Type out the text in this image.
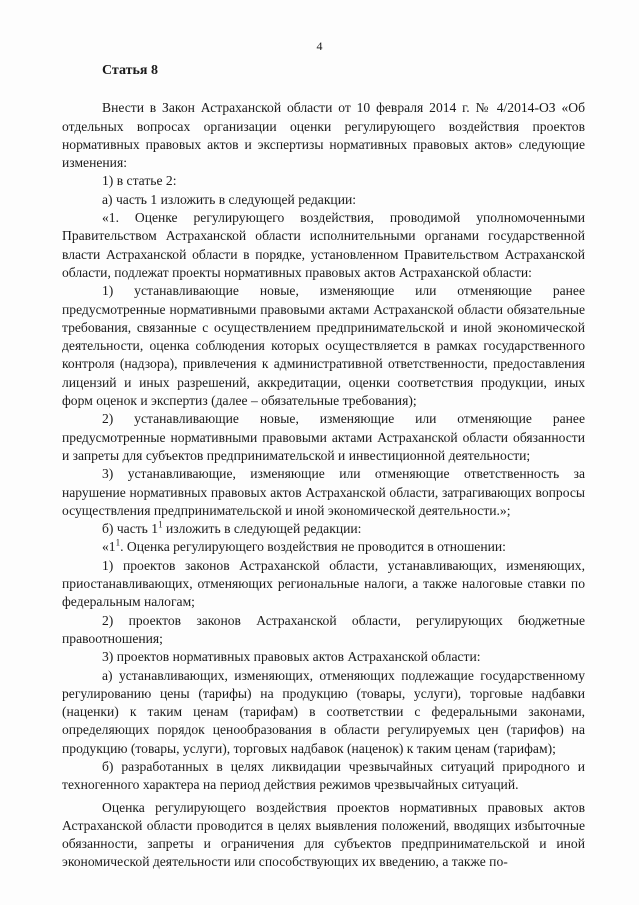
4

Статья 8

Внести в Закон Астраханской области от 10 февраля 2014 г. № 4/2014-ОЗ «Об отдельных вопросах организации оценки регулирующего воздействия проектов нормативных правовых актов и экспертизы нормативных правовых актов» следующие изменения:

1) в статье 2:

а) часть 1 изложить в следующей редакции:

«1. Оценке регулирующего воздействия, проводимой уполномоченными Правительством Астраханской области исполнительными органами государственной власти Астраханской области в порядке, установленном Правительством Астраханской области, подлежат проекты нормативных правовых актов Астраханской области:

1) устанавливающие новые, изменяющие или отменяющие ранее предусмотренные нормативными правовыми актами Астраханской области обязательные требования, связанные с осуществлением предпринимательской и иной экономической деятельности, оценка соблюдения которых осуществляется в рамках государственного контроля (надзора), привлечения к административной ответственности, предоставления лицензий и иных разрешений, аккредитации, оценки соответствия продукции, иных форм оценок и экспертиз (далее – обязательные требования);

2) устанавливающие новые, изменяющие или отменяющие ранее предусмотренные нормативными правовыми актами Астраханской области обязанности и запреты для субъектов предпринимательской и инвестиционной деятельности;

3) устанавливающие, изменяющие или отменяющие ответственность за нарушение нормативных правовых актов Астраханской области, затрагивающих вопросы осуществления предпринимательской и иной экономической деятельности.»;

б) часть $1^1$ изложить в следующей редакции:

«$1^1$. Оценка регулирующего воздействия не проводится в отношении:

1) проектов законов Астраханской области, устанавливающих, изменяющих, приостанавливающих, отменяющих региональные налоги, а также налоговые ставки по федеральным налогам;

2) проектов законов Астраханской области, регулирующих бюджетные правоотношения;

3) проектов нормативных правовых актов Астраханской области:

а) устанавливающих, изменяющих, отменяющих подлежащие государственному регулированию цены (тарифы) на продукцию (товары, услуги), торговые надбавки (наценки) к таким ценам (тарифам) в соответствии с федеральными законами, определяющих порядок ценообразования в области регулируемых цен (тарифов) на продукцию (товары, услуги), торговых надбавок (наценок) к таким ценам (тарифам);

б) разработанных в целях ликвидации чрезвычайных ситуаций природного и техногенного характера на период действия режимов чрезвычайных ситуаций.

Оценка регулирующего воздействия проектов нормативных правовых актов Астраханской области проводится в целях выявления положений, вводящих избыточные обязанности, запреты и ограничения для субъектов предпринимательской и иной экономической деятельности или способствующих их введению, а также по-
